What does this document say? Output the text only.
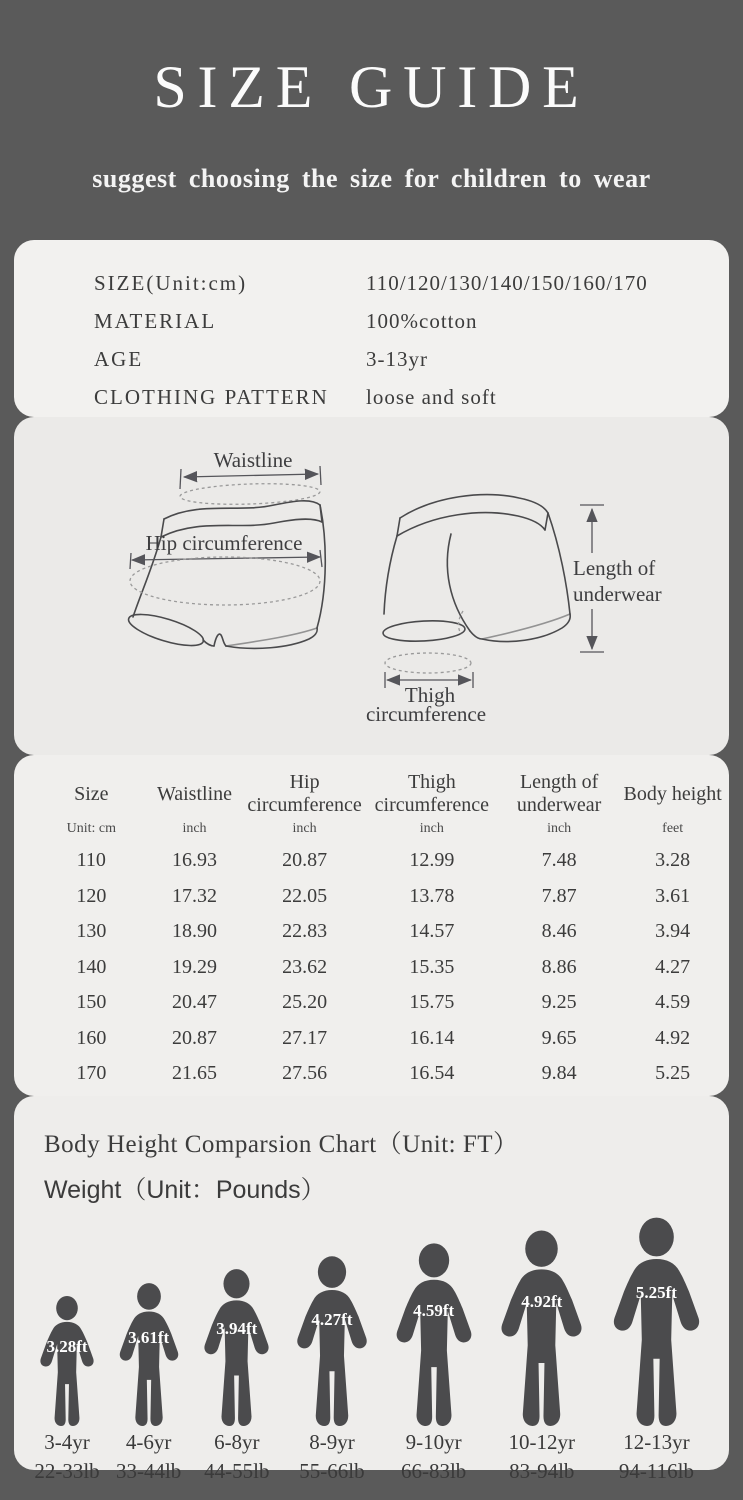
SIZE GUIDE
suggest choosing the size for children to wear
SIZE(Unit:cm)	110/120/130/140/150/160/170
MATERIAL	100%cotton
AGE	3-13yr
CLOTHING PATTERN	loose and soft
Waistline
Hip circumference
Thigh
circumference
Length of
underwear
Size	Waistline	Hip circumference	Thigh circumference	Length of underwear	Body height
Unit: cm	inch	inch	inch	inch	feet
110	16.93	20.87	12.99	7.48	3.28
120	17.32	22.05	13.78	7.87	3.61
130	18.90	22.83	14.57	8.46	3.94
140	19.29	23.62	15.35	8.86	4.27
150	20.47	25.20	15.75	9.25	4.59
160	20.87	27.17	16.14	9.65	4.92
170	21.65	27.56	16.54	9.84	5.25
Body Height Comparsion Chart（Unit: FT）
Weight（Unit：Pounds）
3.28ft
3-4yr
22-33lb
3.61ft
4-6yr
33-44lb
3.94ft
6-8yr
44-55lb
4.27ft
8-9yr
55-66lb
4.59ft
9-10yr
66-83lb
4.92ft
10-12yr
83-94lb
5.25ft
12-13yr
94-116lb
